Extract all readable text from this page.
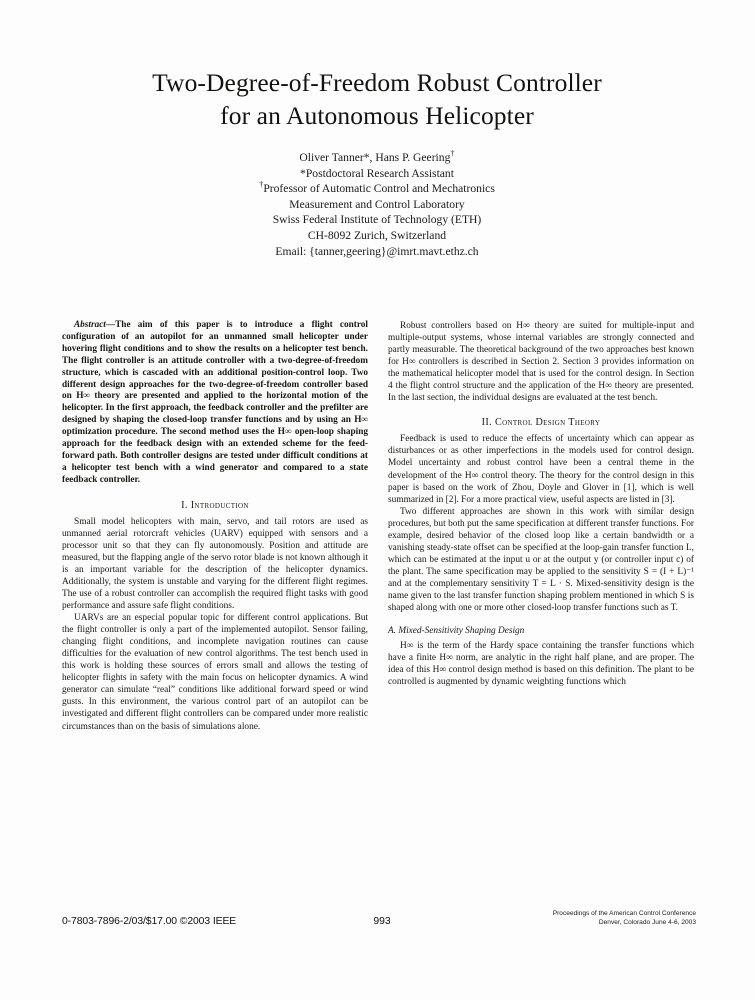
Two-Degree-of-Freedom Robust Controller
for an Autonomous Helicopter
Oliver Tanner*, Hans P. Geering†
*Postdoctoral Research Assistant
†Professor of Automatic Control and Mechatronics
Measurement and Control Laboratory
Swiss Federal Institute of Technology (ETH)
CH-8092 Zurich, Switzerland
Email: {tanner,geering}@imrt.mavt.ethz.ch

Abstract—The aim of this paper is to introduce a flight control configuration of an autopilot for an unmanned small helicopter under hovering flight conditions and to show the results on a helicopter test bench. The flight controller is an attitude controller with a two-degree-of-freedom structure, which is cascaded with an additional position-control loop. Two different design approaches for the two-degree-of-freedom controller based on H∞ theory are presented and applied to the horizontal motion of the helicopter. In the first approach, the feedback controller and the prefilter are designed by shaping the closed-loop transfer functions and by using an H∞ optimization procedure. The second method uses the H∞ open-loop shaping approach for the feedback design with an extended scheme for the feed-forward path. Both controller designs are tested under difficult conditions at a helicopter test bench with a wind generator and compared to a state feedback controller.

I. Introduction

Small model helicopters with main, servo, and tail rotors are used as unmanned aerial rotorcraft vehicles (UARV) equipped with sensors and a processor unit so that they can fly autonomously. Position and attitude are measured, but the flapping angle of the servo rotor blade is not known although it is an important variable for the description of the helicopter dynamics. Additionally, the system is unstable and varying for the different flight regimes. The use of a robust controller can accomplish the required flight tasks with good performance and assure safe flight conditions.

UARVs are an especial popular topic for different control applications. But the flight controller is only a part of the implemented autopilot. Sensor failing, changing flight conditions, and incomplete navigation routines can cause difficulties for the evaluation of new control algorithms. The test bench used in this work is holding these sources of errors small and allows the testing of helicopter flights in safety with the main focus on helicopter dynamics. A wind generator can simulate “real” conditions like additional forward speed or wind gusts. In this environment, the various control part of an autopilot can be investigated and different flight controllers can be compared under more realistic circumstances than on the basis of simulations alone.

Robust controllers based on H∞ theory are suited for multiple-input and multiple-output systems, whose internal variables are strongly connected and partly measurable. The theoretical background of the two approaches best known for H∞ controllers is described in Section 2. Section 3 provides information on the mathematical helicopter model that is used for the control design. In Section 4 the flight control structure and the application of the H∞ theory are presented. In the last section, the individual designs are evaluated at the test bench.

II. Control Design Theory

Feedback is used to reduce the effects of uncertainty which can appear as disturbances or as other imperfections in the models used for control design. Model uncertainty and robust control have been a central theme in the development of the H∞ control theory. The theory for the control design in this paper is based on the work of Zhou, Doyle and Glover in [1], which is well summarized in [2]. For a more practical view, useful aspects are listed in [3].

Two different approaches are shown in this work with similar design procedures, but both put the same specification at different transfer functions. For example, desired behavior of the closed loop like a certain bandwidth or a vanishing steady-state offset can be specified at the loop-gain transfer function L, which can be estimated at the input u or at the output y (or controller input c) of the plant. The same specification may be applied to the sensitivity S = (I + L)⁻¹ and at the complementary sensitivity T = L · S. Mixed-sensitivity design is the name given to the last transfer function shaping problem mentioned in which S is shaped along with one or more other closed-loop transfer functions such as T.

A. Mixed-Sensitivity Shaping Design

H∞ is the term of the Hardy space containing the transfer functions which have a finite H∞ norm, are analytic in the right half plane, and are proper. The idea of this H∞ control design method is based on this definition. The plant to be controlled is augmented by dynamic weighting functions which

0-7803-7896-2/03/$17.00 ©2003 IEEE	993
Proceedings of the American Control Conference
Denver, Colorado June 4-6, 2003
